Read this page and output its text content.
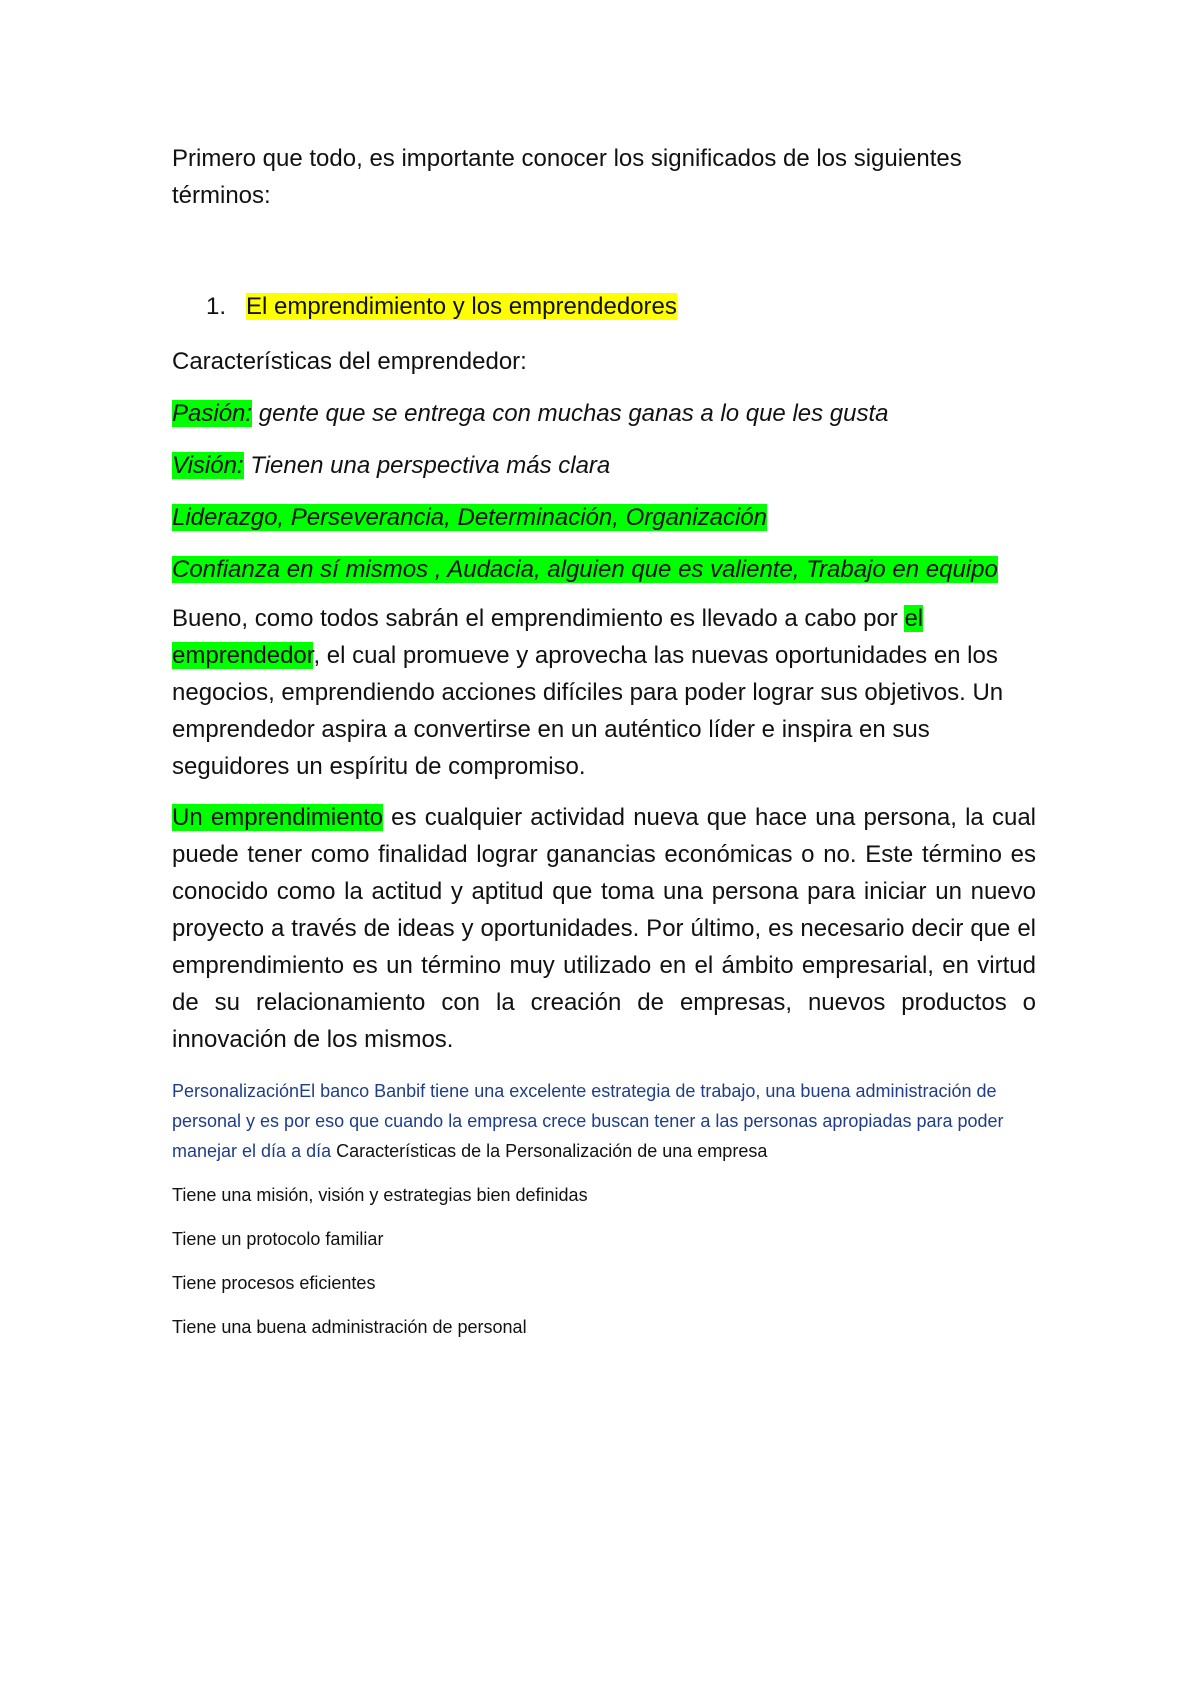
Primero que todo, es importante conocer los significados de los siguientes términos:

1. El emprendimiento y los emprendedores

Características del emprendedor:

Pasión: gente que se entrega con muchas ganas a lo que les gusta

Visión: Tienen una perspectiva más clara

Liderazgo, Perseverancia, Determinación, Organización

Confianza en sí mismos , Audacia, alguien que es valiente, Trabajo en equipo

Bueno, como todos sabrán el emprendimiento es llevado a cabo por el emprendedor, el cual promueve y aprovecha las nuevas oportunidades en los negocios, emprendiendo acciones difíciles para poder lograr sus objetivos. Un emprendedor aspira a convertirse en un auténtico líder e inspira en sus seguidores un espíritu de compromiso.

Un emprendimiento es cualquier actividad nueva que hace una persona, la cual puede tener como finalidad lograr ganancias económicas o no. Este término es conocido como la actitud y aptitud que toma una persona para iniciar un nuevo proyecto a través de ideas y oportunidades. Por último, es necesario decir que el emprendimiento es un término muy utilizado en el ámbito empresarial, en virtud de su relacionamiento con la creación de empresas, nuevos productos o innovación de los mismos.

PersonalizaciónEl banco Banbif tiene una excelente estrategia de trabajo, una buena administración de personal y es por eso que cuando la empresa crece buscan tener a las personas apropiadas para poder manejar el día a día Características de la Personalización de una empresa

Tiene una misión, visión y estrategias bien definidas

Tiene un protocolo familiar

Tiene procesos eficientes

Tiene una buena administración de personal
